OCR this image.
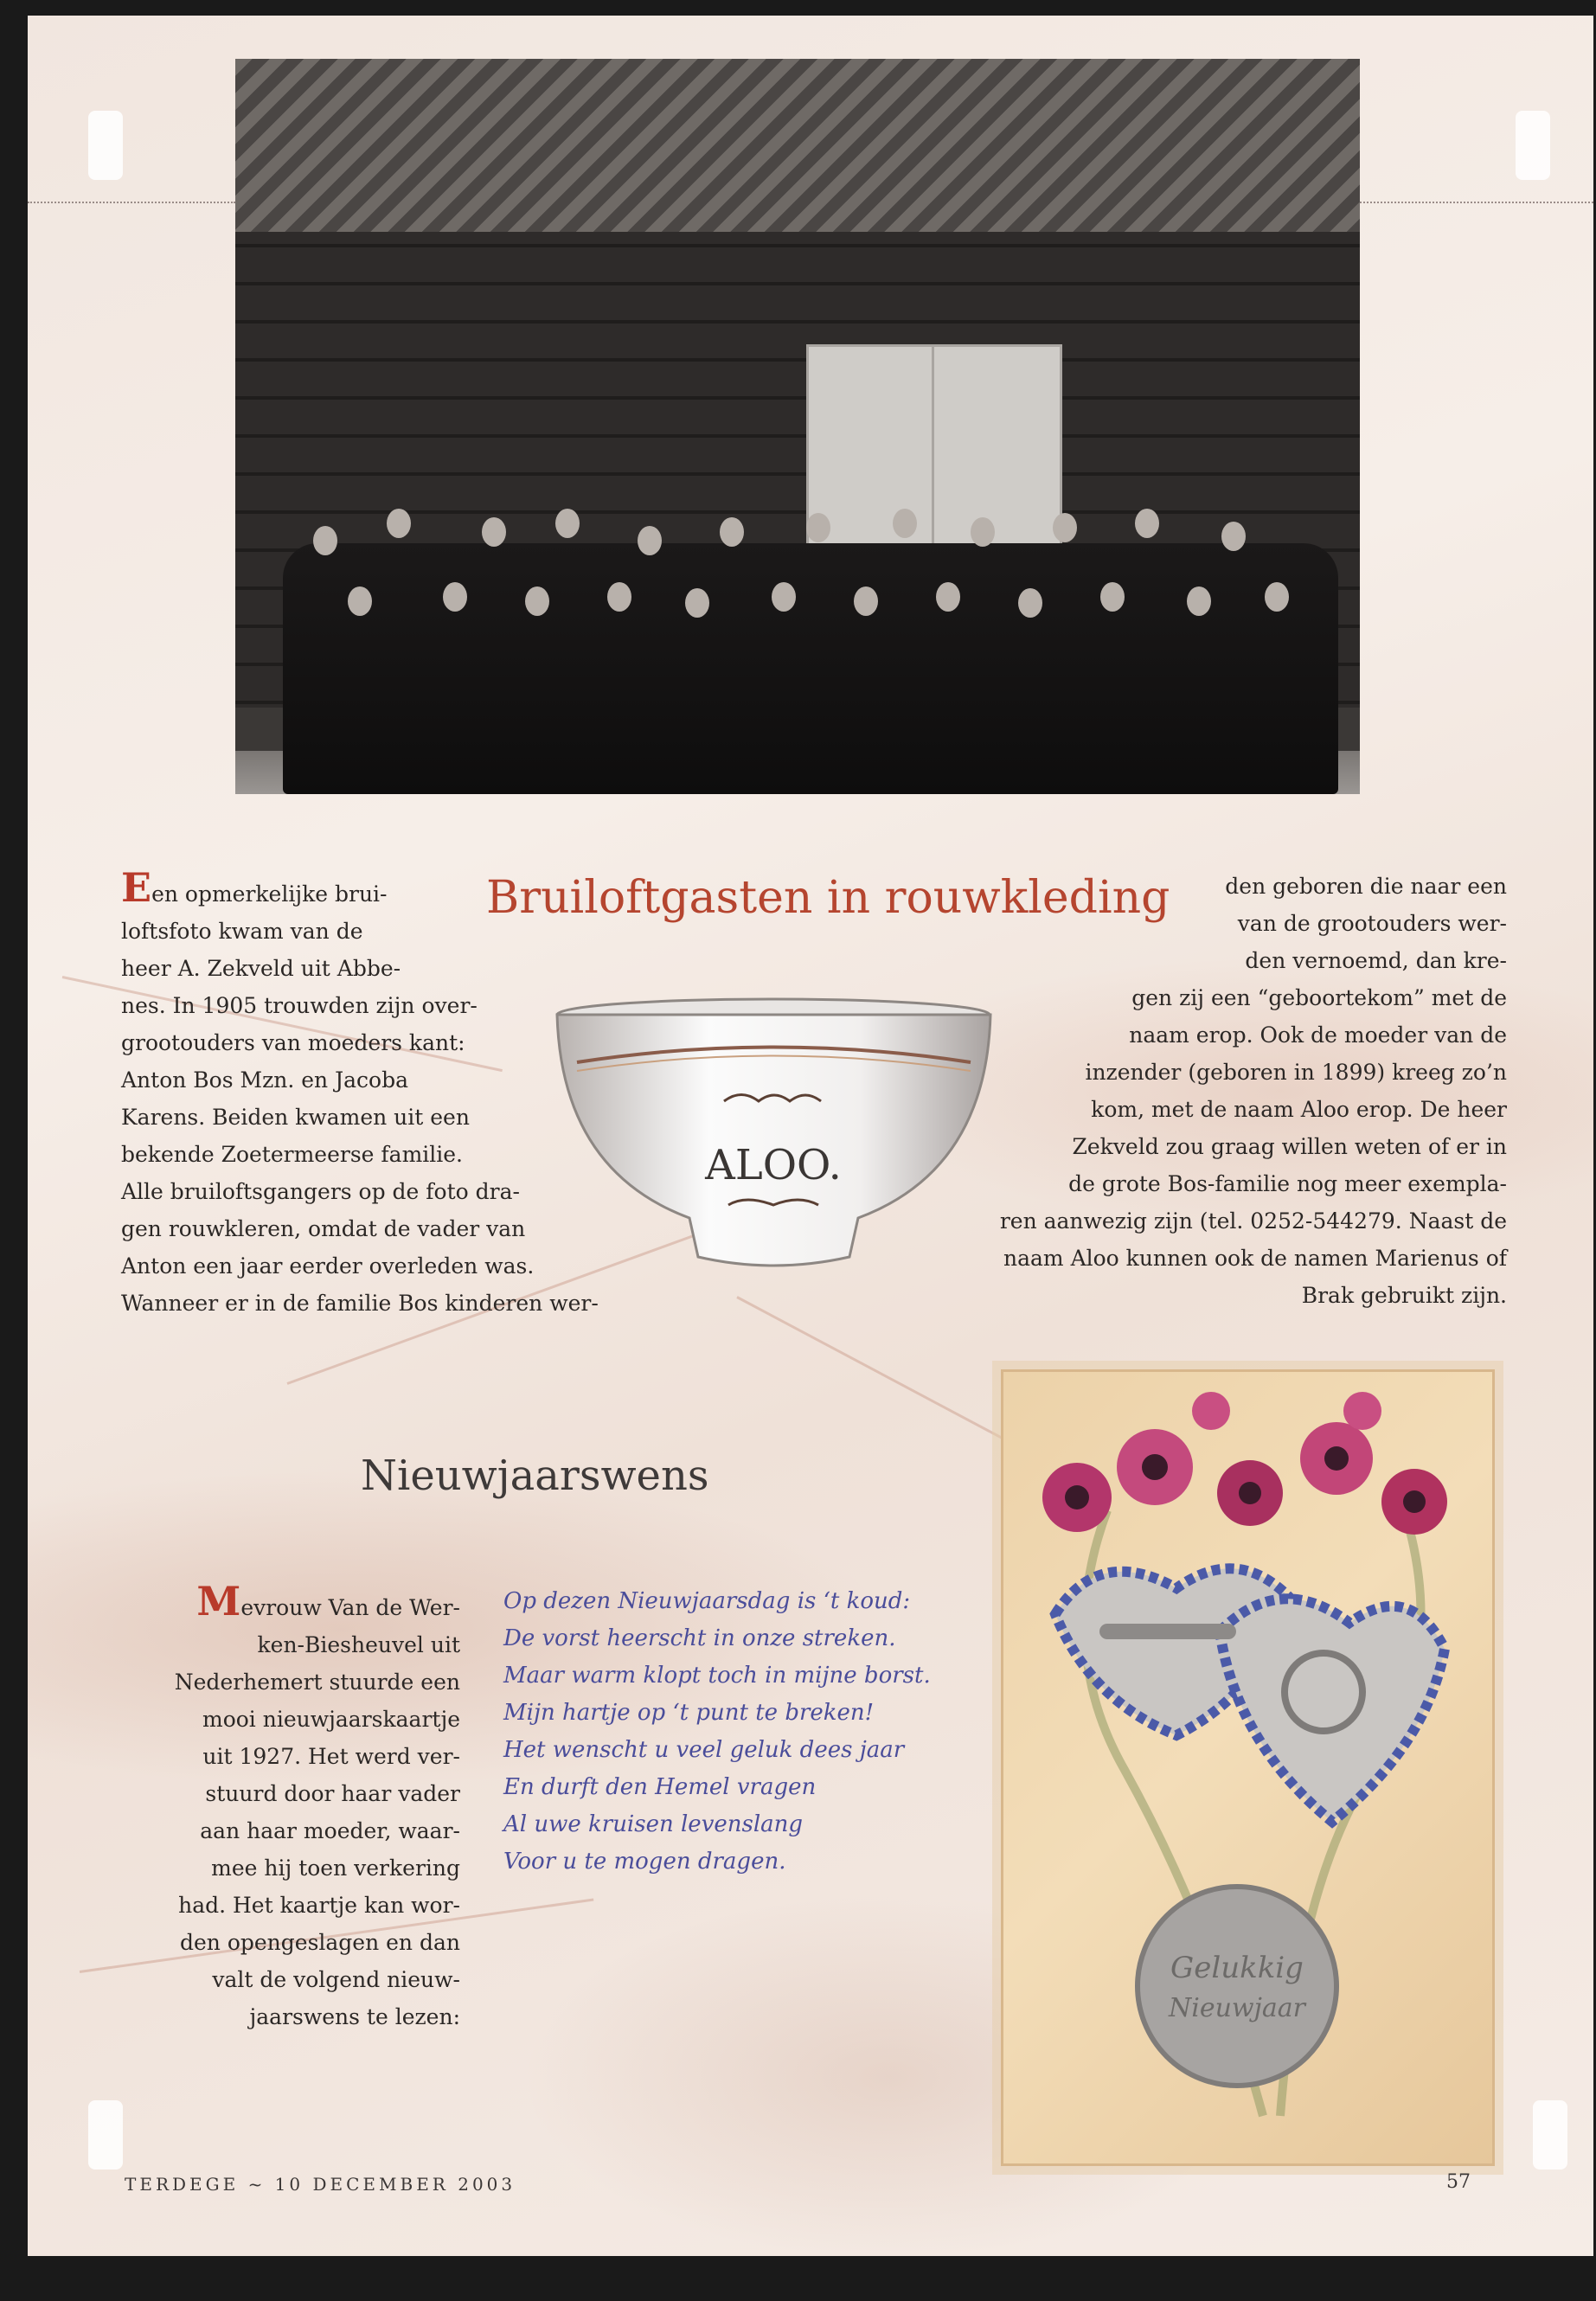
Bruiloftgasten in rouwkleding

Een opmerkelijke brui-

loftsfoto kwam van de

heer A. Zekveld uit Abbe-

nes. In 1905 trouwden zijn over-

grootouders van moeders kant:

Anton Bos Mzn. en Jacoba

Karens. Beiden kwamen uit een

bekende Zoetermeerse familie.

Alle bruiloftsgangers op de foto dra-

gen rouwkleren, omdat de vader van

Anton een jaar eerder overleden was.

Wanneer er in de familie Bos kinderen wer-

den geboren die naar een

van de grootouders wer-

den vernoemd, dan kre-

gen zij een “geboortekom” met de

naam erop. Ook de moeder van de

inzender (geboren in 1899) kreeg zo’n

kom, met de naam Aloo erop. De heer

Zekveld zou graag willen weten of er in

de grote Bos-familie nog meer exempla-

ren aanwezig zijn (tel. 0252-544279. Naast de

naam Aloo kunnen ook de namen Marienus of

Brak gebruikt zijn.

ALOO.
Nieuwjaarswens

Mevrouw Van de Wer-

ken-Biesheuvel uit

Nederhemert stuurde een

mooi nieuwjaarskaartje

uit 1927. Het werd ver-

stuurd door haar vader

aan haar moeder, waar-

mee hij toen verkering

had. Het kaartje kan wor-

den opengeslagen en dan

valt de volgend nieuw-

jaarswens te lezen:

Op dezen Nieuwjaarsdag is ‘t koud:
De vorst heerscht in onze streken.
Maar warm klopt toch in mijne borst.
Mijn hartje op ‘t punt te breken!
Het wenscht u veel geluk dees jaar
En durft den Hemel vragen
Al uwe kruisen levenslang
Voor u te mogen dragen.
Gelukkig
Nieuwjaar
TERDEGE ~ 10 DECEMBER 2003	57
